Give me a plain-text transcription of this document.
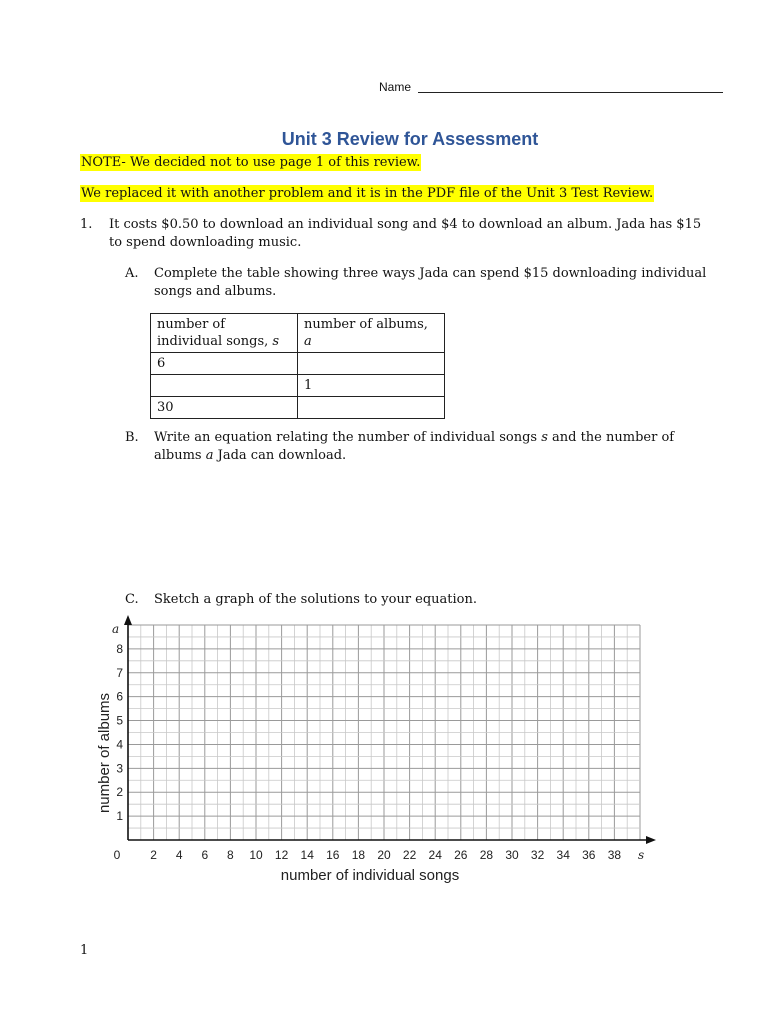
Name
Unit 3 Review for Assessment
NOTE- We decided not to use page 1 of this review.
We replaced it with another problem and it is in the PDF file of the Unit 3 Test Review.
1. It costs $0.50 to download an individual song and $4 to download an album. Jada has $15 to spend downloading music.
A. Complete the table showing three ways Jada can spend $15 downloading individual songs and albums.
number of individual songs, s	number of albums, a
6	
	1
30	
B. Write an equation relating the number of individual songs s and the number of albums a Jada can download.
C. Sketch a graph of the solutions to your equation.
2 4 6 8 10 12 14 16 18 20 22 24 26 28 30 32 34 36 38
1
2
3
4
5
6
7
8
number of individual songs
number of albums
s
a
0
1
